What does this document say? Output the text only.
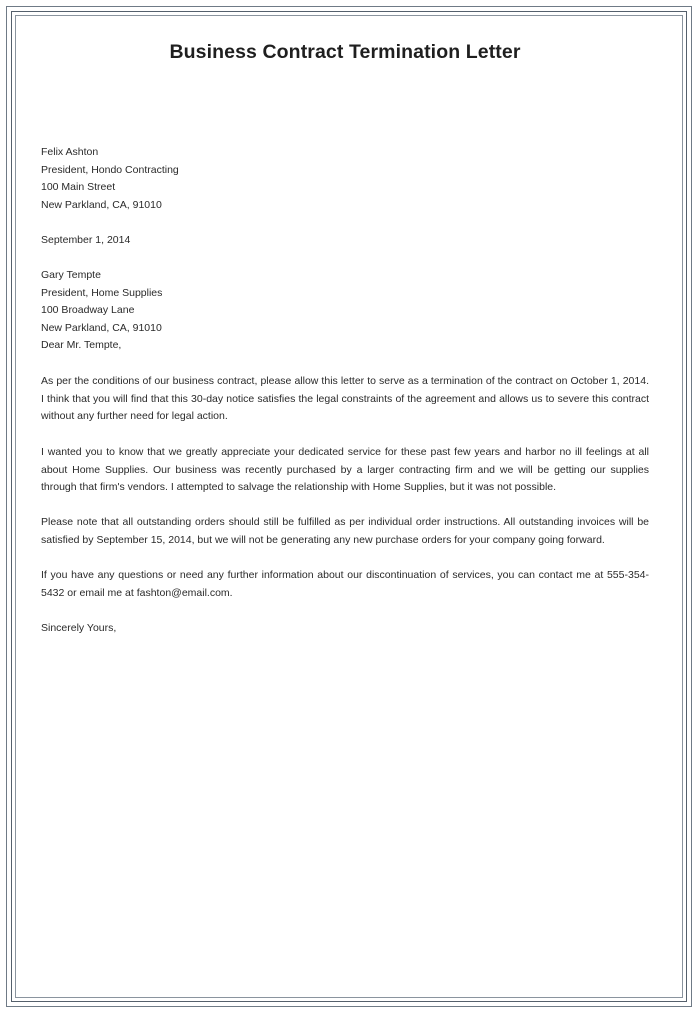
Business Contract Termination Letter
Felix Ashton
President, Hondo Contracting
100 Main Street
New Parkland, CA, 91010
September 1, 2014
Gary Tempte
President, Home Supplies
100 Broadway Lane
New Parkland, CA, 91010
Dear Mr. Tempte,

As per the conditions of our business contract, please allow this letter to serve as a termination of the contract on October 1, 2014. I think that you will find that this 30-day notice satisfies the legal constraints of the agreement and allows us to severe this contract without any further need for legal action.

I wanted you to know that we greatly appreciate your dedicated service for these past few years and harbor no ill feelings at all about Home Supplies. Our business was recently purchased by a larger contracting firm and we will be getting our supplies through that firm's vendors. I attempted to salvage the relationship with Home Supplies, but it was not possible.

Please note that all outstanding orders should still be fulfilled as per individual order instructions. All outstanding invoices will be satisfied by September 15, 2014, but we will not be generating any new purchase orders for your company going forward.

If you have any questions or need any further information about our discontinuation of services, you can contact me at 555-354-5432 or email me at fashton@email.com.

Sincerely Yours,
